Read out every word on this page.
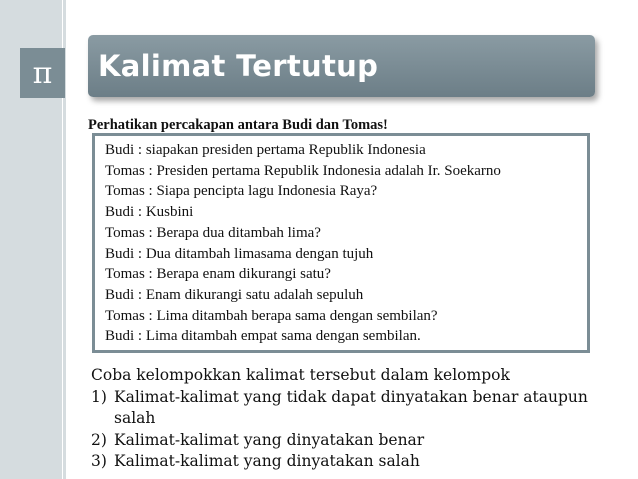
π Kalimat Tertutup
Perhatikan percakapan antara Budi dan Tomas!
Budi : siapakan presiden pertama Republik Indonesia
Tomas : Presiden pertama Republik Indonesia adalah Ir. Soekarno
Tomas : Siapa pencipta lagu Indonesia Raya?
Budi : Kusbini
Tomas : Berapa dua ditambah lima?
Budi : Dua ditambah limasama dengan tujuh
Tomas : Berapa enam dikurangi satu?
Budi : Enam dikurangi satu adalah sepuluh
Tomas : Lima ditambah berapa sama dengan sembilan?
Budi : Lima ditambah empat sama dengan sembilan.
Coba kelompokkan kalimat tersebut dalam kelompok
1) Kalimat-kalimat yang tidak dapat dinyatakan benar ataupun salah
2) Kalimat-kalimat yang dinyatakan benar
3) Kalimat-kalimat yang dinyatakan salah
